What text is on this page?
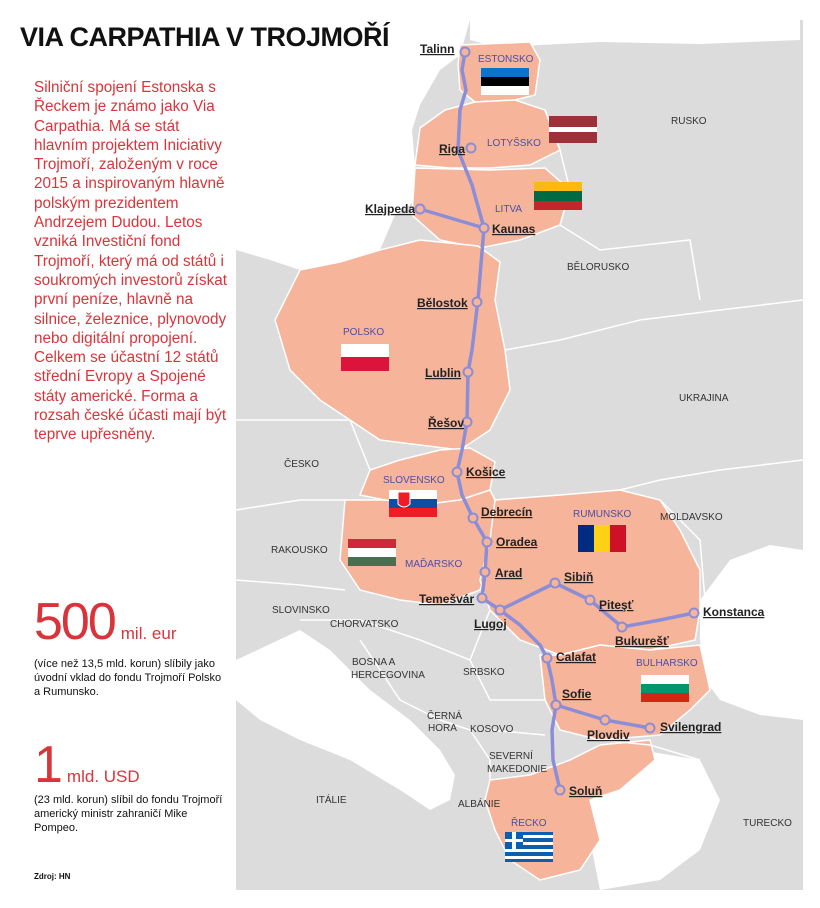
ESTONSKO
LOTYŠSKO
LITVA
POLSKO
SLOVENSKO
MAĎARSKO
RUMUNSKO
BULHARSKO
ŘECKO
RUSKO
BĚLORUSKO
UKRAJINA
MOLDAVSKO
ČESKO
RAKOUSKO
SLOVINSKO
CHORVATSKO
BOSNA A
HERCEGOVINA	SRBSKO
ČERNÁ
HORA KOSOVO
SEVERNÍ
MAKEDONIE
ALBÁNIE
ITÁLIE
TURECKO
Talinn
Riga
Klajpeda
Kaunas
Bělostok
Lublin
Řešov
Košice
Debrecín
Oradea
Arad
Temešvár
Lugoj
Sibiň
Piteşť
Bukurešť
Konstanca
Calafat
Sofie
Plovdiv
Svilengrad
Soluň
VIA CARPATHIA V TROJMOŘÍ
Silniční spojení Estonska s Řeckem je známo jako Via Carpathia. Má se stát hlavním projektem Iniciativy Trojmoří, založeným v roce 2015 a inspirovaným hlavně polským prezidentem Andrzejem Dudou. Letos vzniká Investiční fond Trojmoří, který má od států i soukromých investorů získat první peníze, hlavně na silnice, železnice, plynovody nebo digitální propojení. Celkem se účastní 12 států střední Evropy a Spojené státy americké. Forma a rozsah české účasti mají být teprve upřesněny.
500 mil. eur
(více než 13,5 mld. korun) slíbily jako úvodní vklad do fondu Trojmoří Polsko a Rumunsko.
1 mld. USD
(23 mld. korun) slíbil do fondu Trojmoří americký ministr zahraničí Mike Pompeo.
Zdroj: HN
